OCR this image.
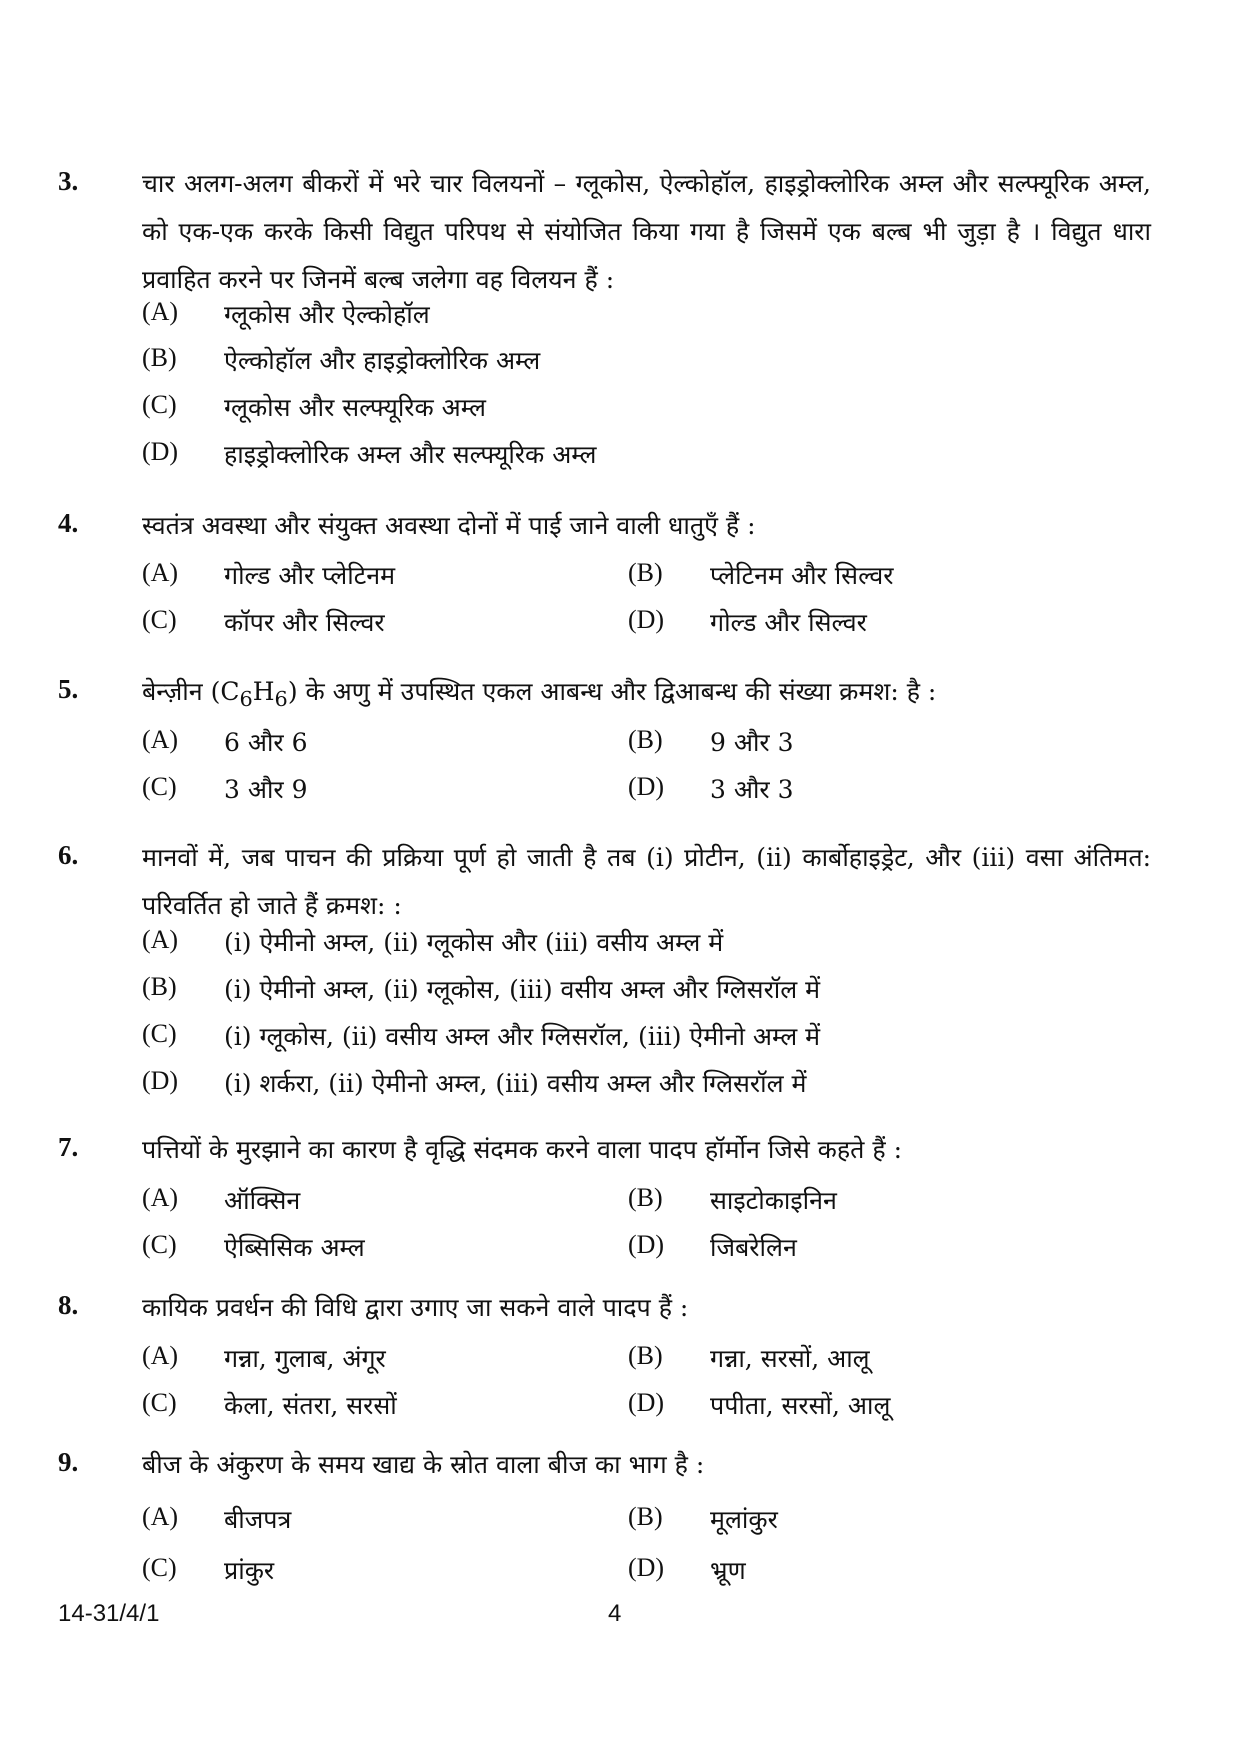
3.	चार अलग-अलग बीकरों में भरे चार विलयनों – ग्लूकोस, ऐल्कोहॉल, हाइड्रोक्लोरिक अम्ल और सल्फ्यूरिक अम्ल, को एक-एक करके किसी विद्युत परिपथ से संयोजित किया गया है जिसमें एक बल्ब भी जुड़ा है । विद्युत धारा प्रवाहित करने पर जिनमें बल्ब जलेगा वह विलयन हैं :
(A) ग्लूकोस और ऐल्कोहॉल
(B) ऐल्कोहॉल और हाइड्रोक्लोरिक अम्ल
(C) ग्लूकोस और सल्फ्यूरिक अम्ल
(D) हाइड्रोक्लोरिक अम्ल और सल्फ्यूरिक अम्ल
4.	स्वतंत्र अवस्था और संयुक्त अवस्था दोनों में पाई जाने वाली धातुएँ हैं :
(A) गोल्ड और प्लेटिनम	(B) प्लेटिनम और सिल्वर
(C) कॉपर और सिल्वर	(D) गोल्ड और सिल्वर
5.	बेन्ज़ीन $(C_6H_6)$ के अणु में उपस्थित एकल आबन्ध और द्विआबन्ध की संख्या क्रमश: है :
(A) 6 और 6	(B) 9 और 3
(C) 3 और 9	(D) 3 और 3
6.	मानवों में, जब पाचन की प्रक्रिया पूर्ण हो जाती है तब (i) प्रोटीन, (ii) कार्बोहाइड्रेट, और (iii) वसा अंतिमत: परिवर्तित हो जाते हैं क्रमश: :
(A) (i) ऐमीनो अम्ल, (ii) ग्लूकोस और (iii) वसीय अम्ल में
(B) (i) ऐमीनो अम्ल, (ii) ग्लूकोस, (iii) वसीय अम्ल और ग्लिसरॉल में
(C) (i) ग्लूकोस, (ii) वसीय अम्ल और ग्लिसरॉल, (iii) ऐमीनो अम्ल में
(D) (i) शर्करा, (ii) ऐमीनो अम्ल, (iii) वसीय अम्ल और ग्लिसरॉल में
7.	पत्तियों के मुरझाने का कारण है वृद्धि संदमक करने वाला पादप हॉर्मोन जिसे कहते हैं :
(A) ऑक्सिन	(B) साइटोकाइनिन
(C) ऐब्सिसिक अम्ल	(D) जिबरेलिन
8.	कायिक प्रवर्धन की विधि द्वारा उगाए जा सकने वाले पादप हैं :
(A) गन्ना, गुलाब, अंगूर	(B) गन्ना, सरसों, आलू
(C) केला, संतरा, सरसों	(D) पपीता, सरसों, आलू
9.	बीज के अंकुरण के समय खाद्य के स्रोत वाला बीज का भाग है :
(A) बीजपत्र	(B) मूलांकुर
(C) प्रांकुर	(D) भ्रूण
14-31/4/1	4
